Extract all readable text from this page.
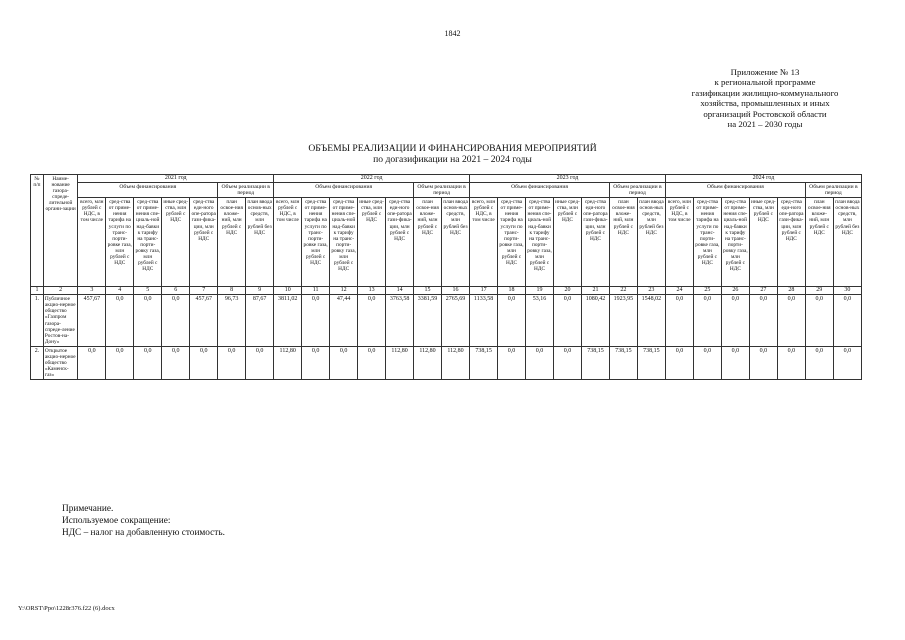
1842
Приложение № 13
к региональной программе
газификации жилищно-коммунального
хозяйства, промышленных и иных
организаций Ростовской области
на 2021 – 2030 годы
ОБЪЕМЫ РЕАЛИЗАЦИИ И ФИНАНСИРОВАНИЯ МЕРОПРИЯТИЙ
по догазификации на 2021 – 2024 годы
№ п/п	Наиме-нование газора-спреде-лительной органи-зации	2021 год							2022 год							2023 год							2024 год						
		Объем финансирования					Объем реализации в период		Объем финансирования					Объем реализации в период		Объем финансирования					Объем реализации в период		Объем финансирования					Объем реализации в период	
		всего, млн рублей с НДС, в том числе	сред-ства от приме-нения тарифа на услуги по транс-порти-ровке газа, млн рублей с НДС	сред-ства от приме-нения спе-циаль-ной над-бавки к тарифу на транс-порти-ровку газа, млн рублей с НДС	иные сред-ства, млн рублей с НДС	сред-ства еди-ного опе-ратора гази-фика-ции, млн рублей с НДС	план освое-ния вложе-ний, млн рублей с НДС	план ввода основ-ных средств, млн рублей без НДС	всего, млн рублей с НДС, в том числе	сред-ства от приме-нения тарифа на услуги по транс-порти-ровке газа, млн рублей с НДС	сред-ства от приме-нения спе-циаль-ной над-бавки к тарифу на транс-порти-ровку газа, млн рублей с НДС	иные сред-ства, млн рублей с НДС	сред-ства еди-ного опе-ратора гази-фика-ции, млн рублей с НДС	план освое-ния вложе-ний, млн рублей с НДС	план ввода основ-ных средств, млн рублей без НДС	всего, млн рублей с НДС, в том числе	сред-ства от приме-нения тарифа на услуги по транс-порти-ровке газа, млн рублей с НДС	сред-ства от приме-нения спе-циаль-ной над-бавки к тарифу на транс-порти-ровку газа, млн рублей с НДС	иные сред-ства, млн рублей с НДС	сред-ства еди-ного опе-ратора гази-фика-ции, млн рублей с НДС	план освое-ния вложе-ний, млн рублей с НДС	план ввода основ-ных средств, млн рублей без НДС	всего, млн рублей с НДС, в том числе	сред-ства от приме-нения тарифа на услуги по транс-порти-ровке газа, млн рублей с НДС	сред-ства от приме-нения спе-циаль-ной над-бавки к тарифу на транс-порти-ровку газа, млн рублей с НДС	иные сред-ства, млн рублей с НДС	сред-ства еди-ного опе-ратора гази-фика-ции, млн рублей с НДС	план освое-ния вложе-ний, млн рублей с НДС	план ввода основ-ных средств, млн рублей без НДС
1	2	3	4	5	6	7	8	9	10	11	12	13	14	15	16	17	18	19	20	21	22	23	24	25	26	27	28	29	30
1.	Публичное акцио-нерное общество «Газпром газора-спреде-ление Ростов-на-Дону»	457,67	0,0	0,0	0,0	457,67	96,73	87,67	3811,02	0,0	47,44	0,0	3763,58	3381,59	2765,69	1133,58	0,0	53,16	0,0	1080,42	1923,95	1548,02	0,0	0,0	0,0	0,0	0,0	0,0	0,0
2.	Открытое акцио-нерное общество «Каменск-газ»	0,0	0,0	0,0	0,0	0,0	0,0	0,0	112,80	0,0	0,0	0,0	112,80	112,80	112,80	738,15	0,0	0,0	0,0	738,15	738,15	738,15	0,0	0,0	0,0	0,0	0,0	0,0	0,0
Примечание.
Используемое сокращение:
НДС – налог на добавленную стоимость.
Y:\ORST\Ppo\1228r376.f22 (6).docx
